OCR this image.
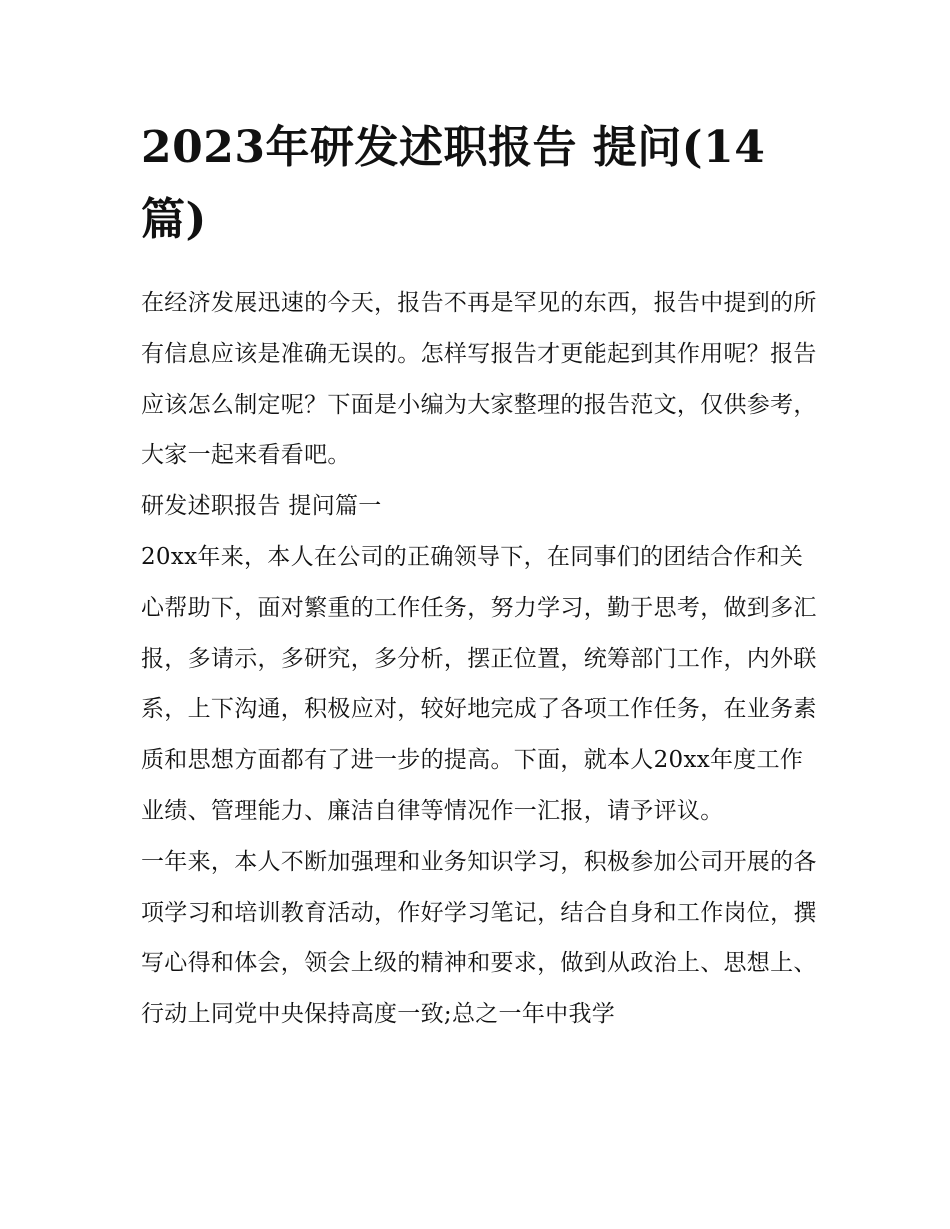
2023年研发述职报告 提问(14篇)

在经济发展迅速的今天，报告不再是罕见的东西，报告中提到的所有信息应该是准确无误的。怎样写报告才更能起到其作用呢？报告应该怎么制定呢？下面是小编为大家整理的报告范文，仅供参考，大家一起来看看吧。

研发述职报告 提问篇一

20xx年来，本人在公司的正确领导下，在同事们的团结合作和关心帮助下，面对繁重的工作任务，努力学习，勤于思考，做到多汇报，多请示，多研究，多分析，摆正位置，统筹部门工作，内外联系，上下沟通，积极应对，较好地完成了各项工作任务，在业务素质和思想方面都有了进一步的提高。下面，就本人20xx年度工作业绩、管理能力、廉洁自律等情况作一汇报，请予评议。

一年来，本人不断加强理和业务知识学习，积极参加公司开展的各项学习和培训教育活动，作好学习笔记，结合自身和工作岗位，撰写心得和体会，领会上级的精神和要求，做到从政治上、思想上、行动上同党中央保持高度一致;总之一年中我学
